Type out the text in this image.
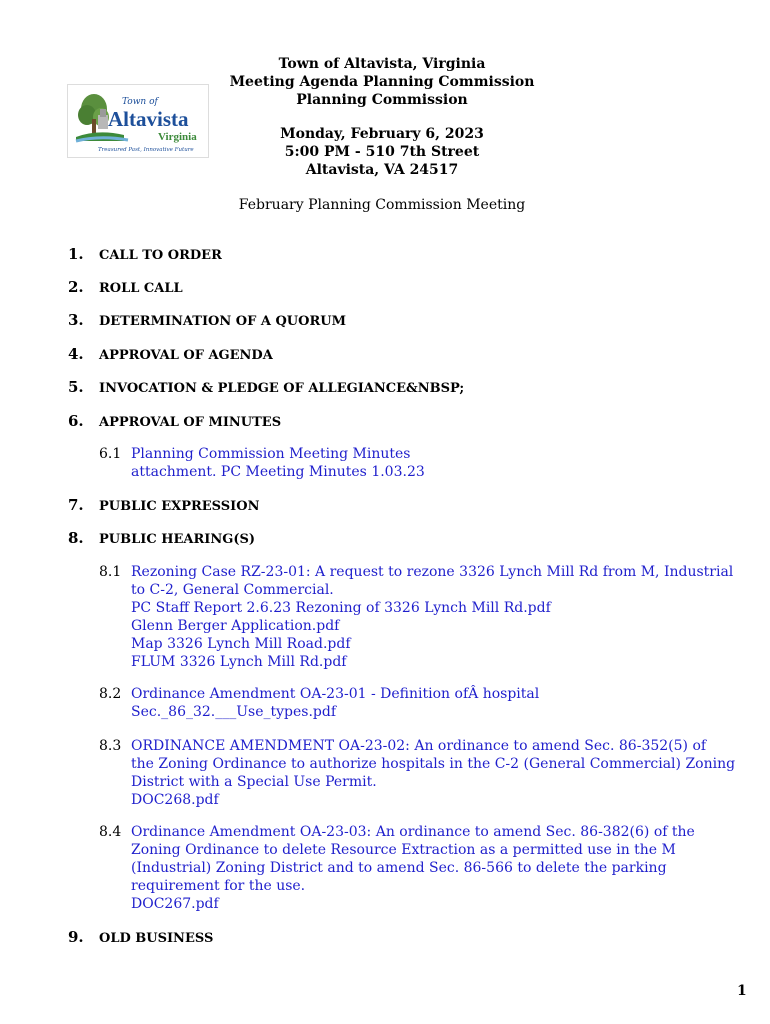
Town of
Altavista
Virginia
Treasured Past, Innovative Future
Town of Altavista, Virginia
Meeting Agenda Planning Commission
Planning Commission
Monday, February 6, 2023
5:00 PM - 510 7th Street
Altavista, VA 24517
February Planning Commission Meeting
1. CALL TO ORDER
2. ROLL CALL
3. DETERMINATION OF A QUORUM
4. APPROVAL OF AGENDA
5. INVOCATION & PLEDGE OF ALLEGIANCE&NBSP;
6. APPROVAL OF MINUTES
6.1 Planning Commission Meeting Minutes
attachment. PC Meeting Minutes 1.03.23
7. PUBLIC EXPRESSION
8. PUBLIC HEARING(S)
8.1 Rezoning Case RZ-23-01: A request to rezone 3326 Lynch Mill Rd from M, Industrial
to C-2, General Commercial.
PC Staff Report 2.6.23 Rezoning of 3326 Lynch Mill Rd.pdf
Glenn Berger Application.pdf
Map 3326 Lynch Mill Road.pdf
FLUM 3326 Lynch Mill Rd.pdf
8.2 Ordinance Amendment OA-23-01 - Definition ofÂ hospital
Sec._86_32.___Use_types.pdf
8.3 ORDINANCE AMENDMENT OA-23-02: An ordinance to amend Sec. 86-352(5) of
the Zoning Ordinance to authorize hospitals in the C-2 (General Commercial) Zoning
District with a Special Use Permit.
DOC268.pdf
8.4 Ordinance Amendment OA-23-03: An ordinance to amend Sec. 86-382(6) of the
Zoning Ordinance to delete Resource Extraction as a permitted use in the M
(Industrial) Zoning District and to amend Sec. 86-566 to delete the parking
requirement for the use.
DOC267.pdf
9. OLD BUSINESS
1
